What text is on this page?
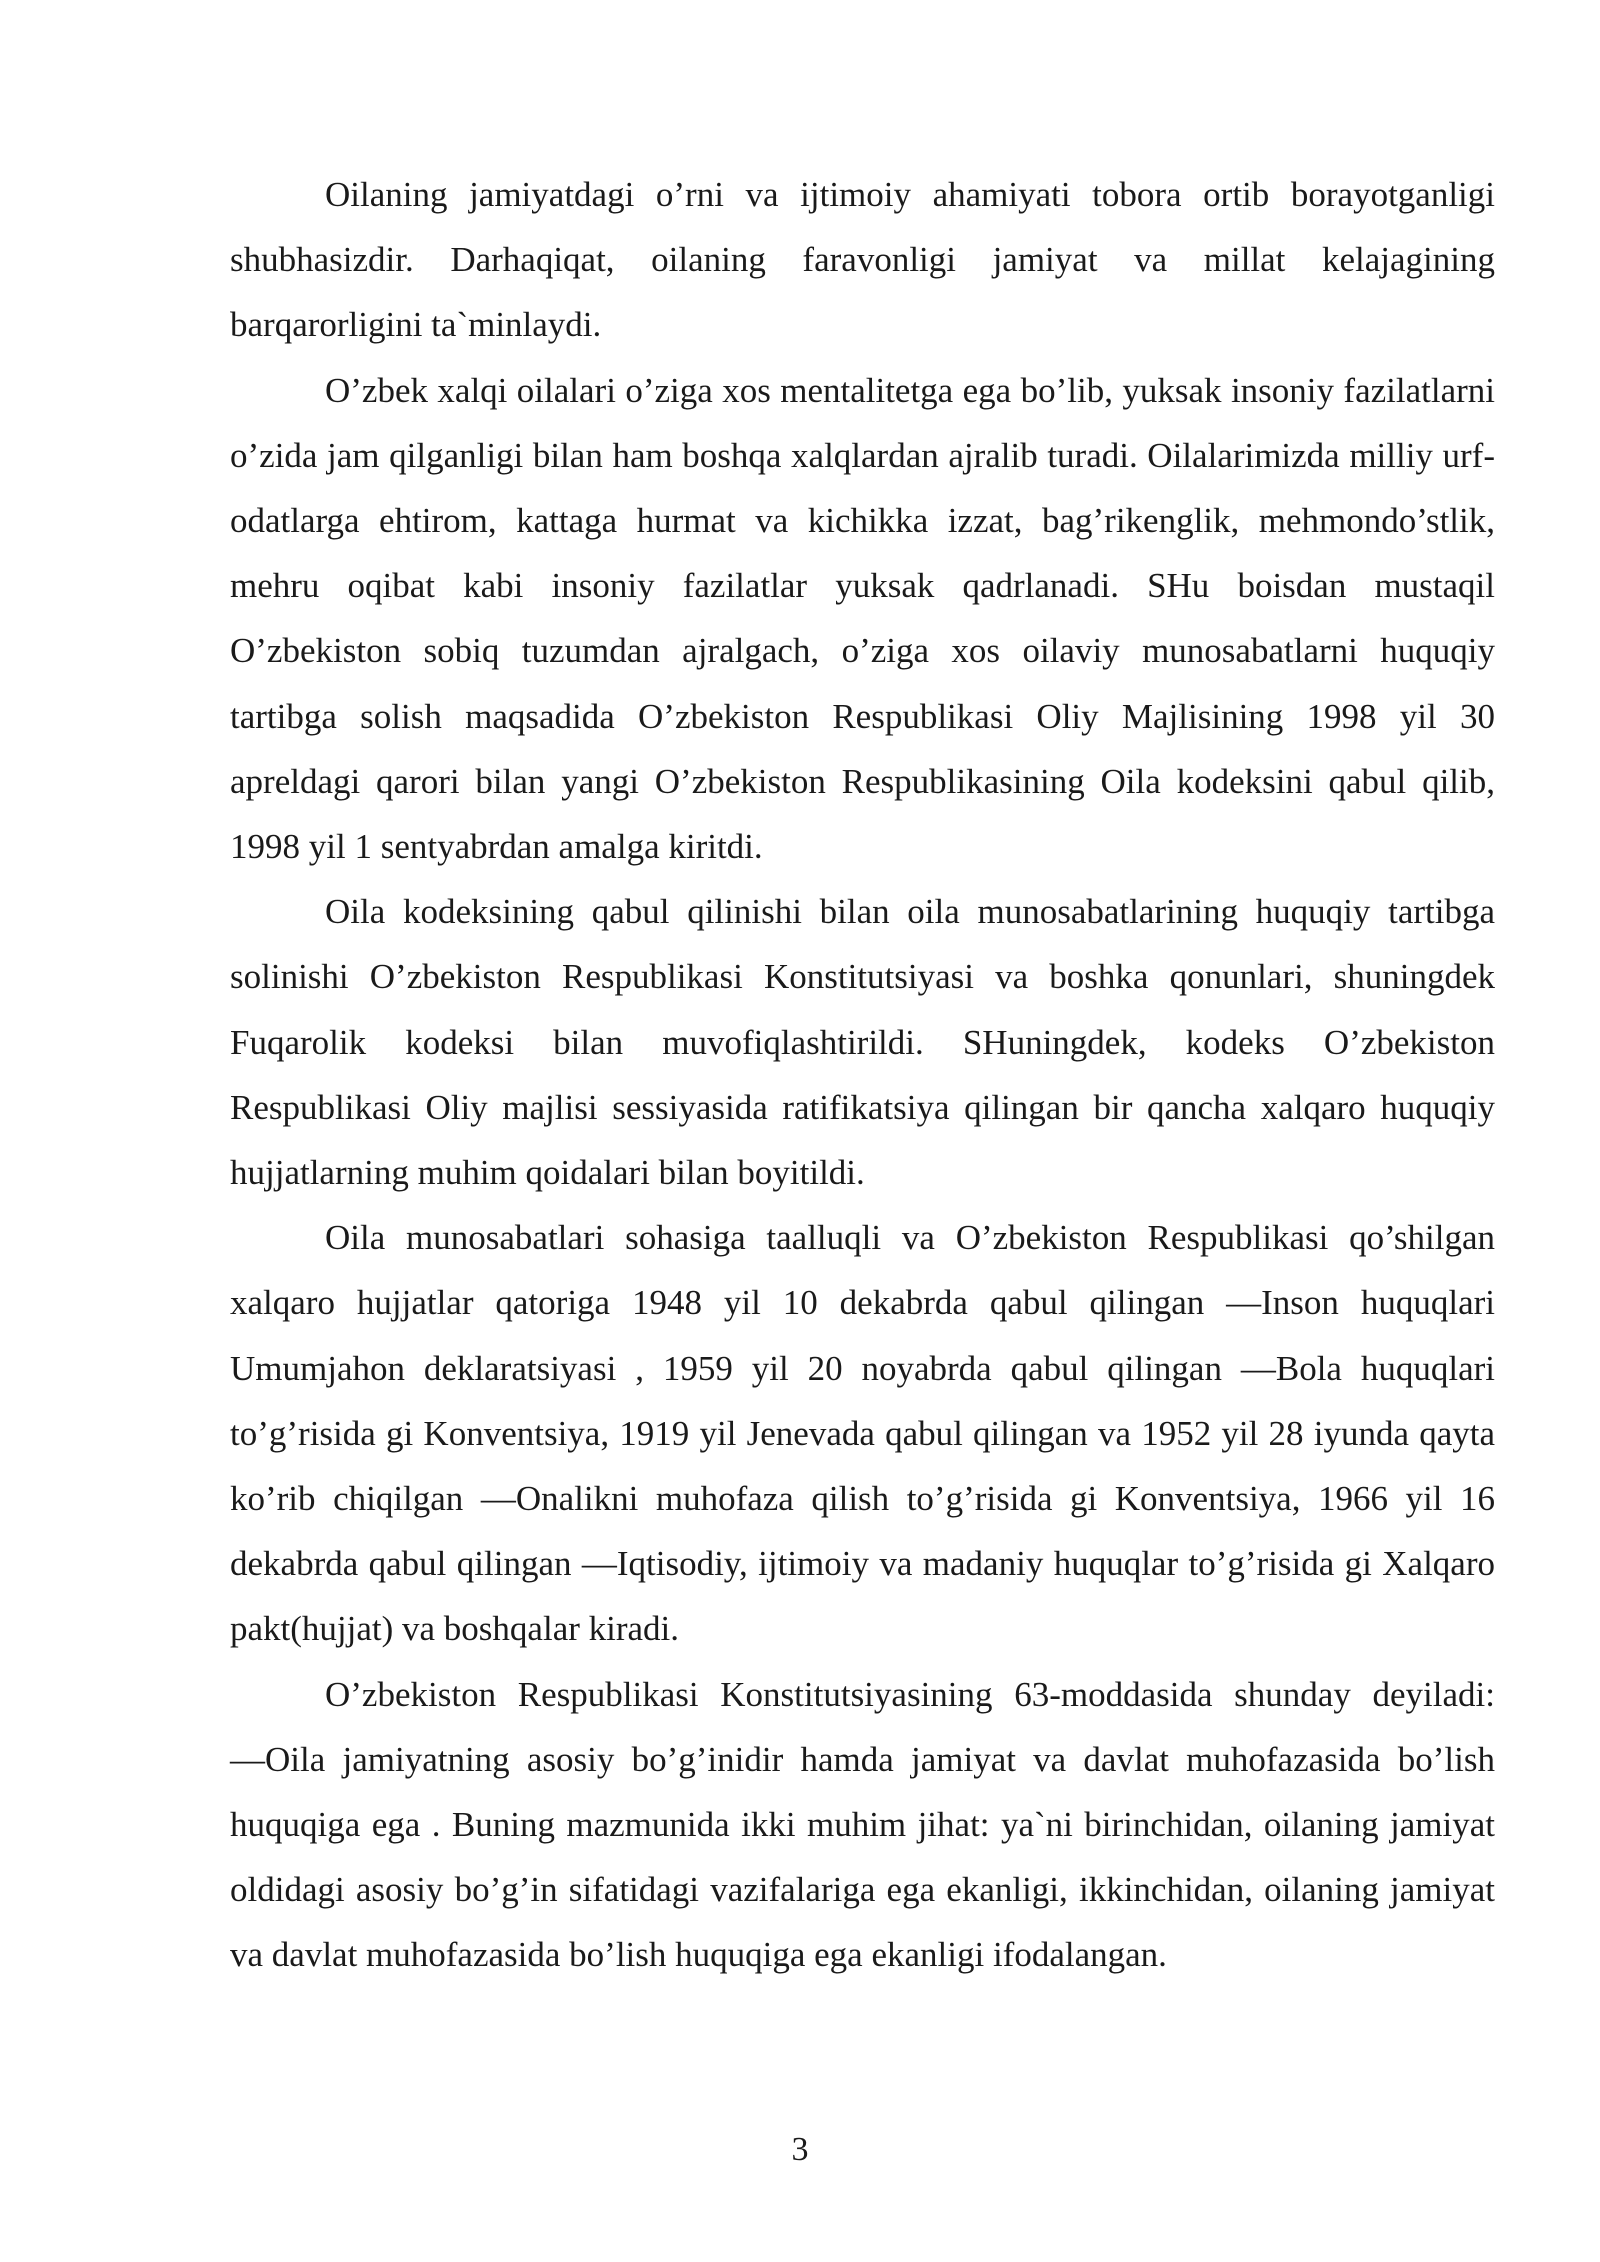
Oilaning jamiyatdagi o’rni va ijtimoiy ahamiyati tobora ortib borayotganligi shubhasizdir. Darhaqiqat, oilaning faravonligi jamiyat va millat kelajagining barqarorligini ta`minlaydi.

O’zbek xalqi oilalari o’ziga xos mentalitetga ega bo’lib, yuksak insoniy fazilatlarni o’zida jam qilganligi bilan ham boshqa xalqlardan ajralib turadi. Oilalarimizda milliy urf-odatlarga ehtirom, kattaga hurmat va kichikka izzat, bag’rikenglik, mehmondo’stlik, mehru oqibat kabi insoniy fazilatlar yuksak qadrlanadi. SHu boisdan mustaqil O’zbekiston sobiq tuzumdan ajralgach, o’ziga xos oilaviy munosabatlarni huquqiy tartibga solish maqsadida O’zbekiston Respublikasi Oliy Majlisining 1998 yil 30 apreldagi qarori bilan yangi O’zbekiston Respublikasining Oila kodeksini qabul qilib, 1998 yil 1 sentyabrdan amalga kiritdi.

Oila kodeksining qabul qilinishi bilan oila munosabatlarining huquqiy tartibga solinishi O’zbekiston Respublikasi Konstitutsiyasi va boshka qonunlari, shuningdek Fuqarolik kodeksi bilan muvofiqlashtirildi. SHuningdek, kodeks O’zbekiston Respublikasi Oliy majlisi sessiyasida ratifikatsiya qilingan bir qancha xalqaro huquqiy hujjatlarning muhim qoidalari bilan boyitildi.

Oila munosabatlari sohasiga taalluqli va O’zbekiston Respublikasi qo’shilgan xalqaro hujjatlar qatoriga 1948 yil 10 dekabrda qabul qilingan ―Inson huquqlari Umumjahon deklaratsiyasi , 1959 yil 20 noyabrda qabul qilingan ―Bola huquqlari to’g’risida gi Konventsiya, 1919 yil Jenevada qabul qilingan va 1952 yil 28 iyunda qayta ko’rib chiqilgan ―Onalikni muhofaza qilish to’g’risida gi Konventsiya, 1966 yil 16 dekabrda qabul qilingan ―Iqtisodiy, ijtimoiy va madaniy huquqlar to’g’risida gi Xalqaro pakt(hujjat) va boshqalar kiradi.

O’zbekiston Respublikasi Konstitutsiyasining 63-moddasida shunday deyiladi: ―Oila jamiyatning asosiy bo’g’inidir hamda jamiyat va davlat muhofazasida bo’lish huquqiga ega . Buning mazmunida ikki muhim jihat: ya`ni birinchidan, oilaning jamiyat oldidagi asosiy bo’g’in sifatidagi vazifalariga ega ekanligi, ikkinchidan, oilaning jamiyat va davlat muhofazasida bo’lish huquqiga ega ekanligi ifodalangan.

3
